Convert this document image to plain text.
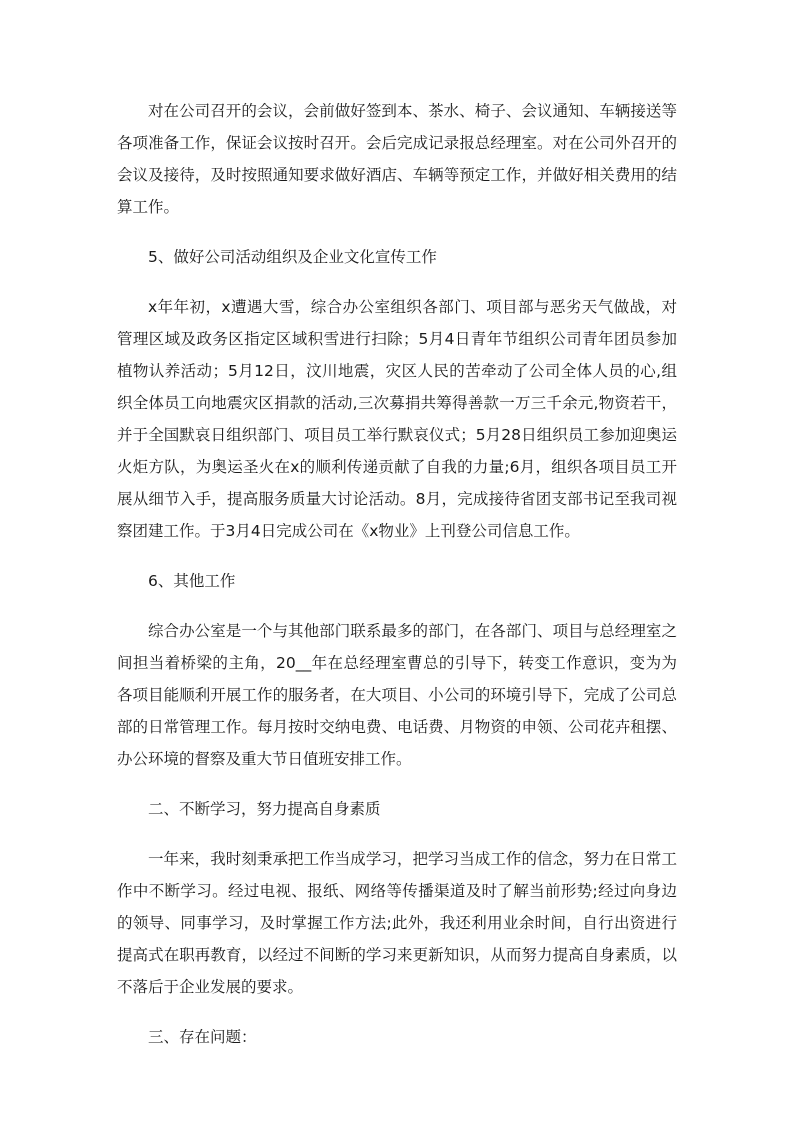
对在公司召开的会议，会前做好签到本、茶水、椅子、会议通知、车辆接送等各项准备工作，保证会议按时召开。会后完成记录报总经理室。对在公司外召开的会议及接待，及时按照通知要求做好酒店、车辆等预定工作，并做好相关费用的结算工作。

5、做好公司活动组织及企业文化宣传工作

x年年初，x遭遇大雪，综合办公室组织各部门、项目部与恶劣天气做战，对管理区域及政务区指定区域积雪进行扫除；5月4日青年节组织公司青年团员参加植物认养活动；5月12日，汶川地震，灾区人民的苦牵动了公司全体人员的心,组织全体员工向地震灾区捐款的活动,三次募捐共筹得善款一万三千余元,物资若干，并于全国默哀日组织部门、项目员工举行默哀仪式；5月28日组织员工参加迎奥运火炬方队，为奥运圣火在x的顺利传递贡献了自我的力量;6月，组织各项目员工开展从细节入手，提高服务质量大讨论活动。8月，完成接待省团支部书记至我司视察团建工作。于3月4日完成公司在《x物业》上刊登公司信息工作。

6、其他工作

综合办公室是一个与其他部门联系最多的部门，在各部门、项目与总经理室之间担当着桥梁的主角，20__年在总经理室曹总的引导下，转变工作意识，变为为各项目能顺利开展工作的服务者，在大项目、小公司的环境引导下，完成了公司总部的日常管理工作。每月按时交纳电费、电话费、月物资的申领、公司花卉租摆、办公环境的督察及重大节日值班安排工作。

二、不断学习，努力提高自身素质

一年来，我时刻秉承把工作当成学习，把学习当成工作的信念，努力在日常工作中不断学习。经过电视、报纸、网络等传播渠道及时了解当前形势;经过向身边的领导、同事学习，及时掌握工作方法;此外，我还利用业余时间，自行出资进行提高式在职再教育，以经过不间断的学习来更新知识，从而努力提高自身素质，以不落后于企业发展的要求。

三、存在问题：
